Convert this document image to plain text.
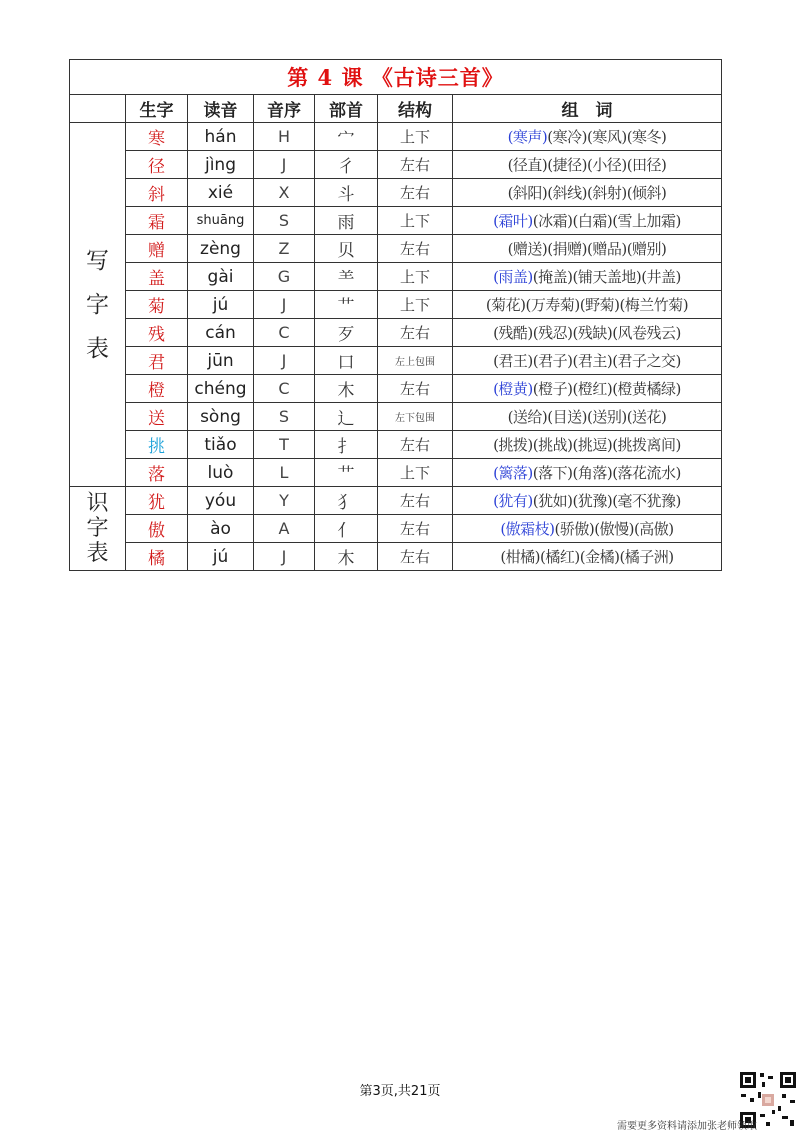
第 4 课 《古诗三首》						
	生字	读音	音序	部首	结构	组　词
写
字
表	寒	hán	H	宀	上下	(寒声)(寒冷)(寒风)(寒冬)
	径	jìng	J	彳	左右	(径直)(捷径)(小径)(田径)
	斜	xié	X	斗	左右	(斜阳)(斜线)(斜射)(倾斜)
	霜	shuāng	S	雨	上下	(霜叶)(冰霜)(白霜)(雪上加霜)
	赠	zèng	Z	贝	左右	(赠送)(捐赠)(赠品)(赠别)
	盖	gài	G	⺷	上下	(雨盖)(掩盖)(铺天盖地)(井盖)
	菊	jú	J	艹	上下	(菊花)(万寿菊)(野菊)(梅兰竹菊)
	残	cán	C	歹	左右	(残酷)(残忍)(残缺)(风卷残云)
	君	jūn	J	口	左上包围	(君王)(君子)(君主)(君子之交)
	橙	chéng	C	木	左右	(橙黄)(橙子)(橙红)(橙黄橘绿)
	送	sòng	S	辶	左下包围	(送给)(目送)(送别)(送花)
	挑	tiǎo	T	扌	左右	(挑拨)(挑战)(挑逗)(挑拨离间)
	落	luò	L	艹	上下	(篱落)(落下)(角落)(落花流水)
识
字
表	犹	yóu	Y	犭	左右	(犹有)(犹如)(犹豫)(毫不犹豫)
	傲	ào	A	亻	左右	(傲霜枝)(骄傲)(傲慢)(高傲)
	橘	jú	J	木	左右	(柑橘)(橘红)(金橘)(橘子洲)
第3页,共21页
需要更多资料请添加张老师领取
